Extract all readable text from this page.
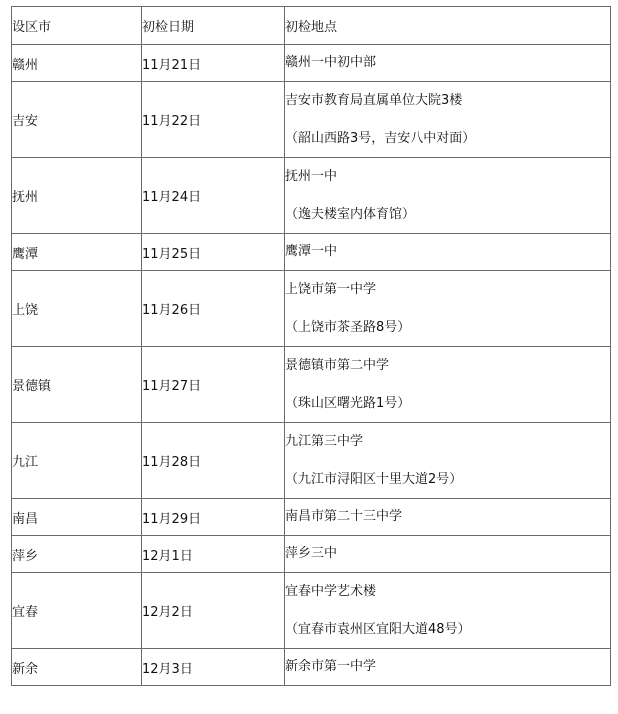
设区市	初检日期	初检地点
赣州	11月21日	赣州一中初中部

吉安	11月22日	吉安市教育局直属单位大院3楼
（韶山西路3号，吉安八中对面）

抚州	11月24日	抚州一中
（逸夫楼室内体育馆）

鹰潭	11月25日	鹰潭一中

上饶	11月26日	上饶市第一中学
（上饶市茶圣路8号）

景德镇	11月27日	景德镇市第二中学
（珠山区曙光路1号）

九江	11月28日	九江第三中学
（九江市浔阳区十里大道2号）

南昌	11月29日	南昌市第二十三中学

萍乡	12月1日	萍乡三中

宜春	12月2日	宜春中学艺术楼
（宜春市袁州区宜阳大道48号）

新余	12月3日	新余市第一中学
